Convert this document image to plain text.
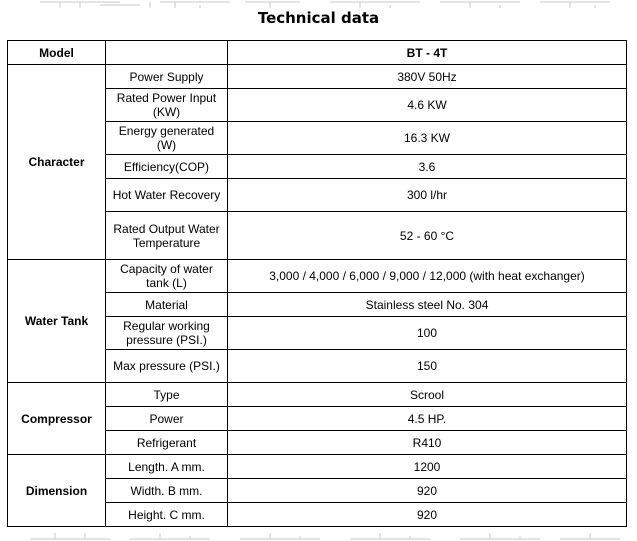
Technical data
Model		BT - 4T
Character	Power Supply	380V 50Hz
	Rated Power Input (KW)	4.6 KW
	Energy generated (W)	16.3 KW
	Efficiency(COP)	3.6
	Hot Water Recovery	300 l/hr
	Rated Output Water Temperature	52 - 60 °C
Water Tank	Capacity of water tank (L)	3,000 / 4,000 / 6,000 / 9,000 / 12,000 (with heat exchanger)
	Material	Stainless steel No. 304
	Regular working pressure (PSI.)	100
	Max pressure (PSI.)	150
Compressor	Type	Scrool
	Power	4.5 HP.
	Refrigerant	R410
Dimension	Length. A mm.	1200
	Width. B mm.	920
	Height. C mm.	920
